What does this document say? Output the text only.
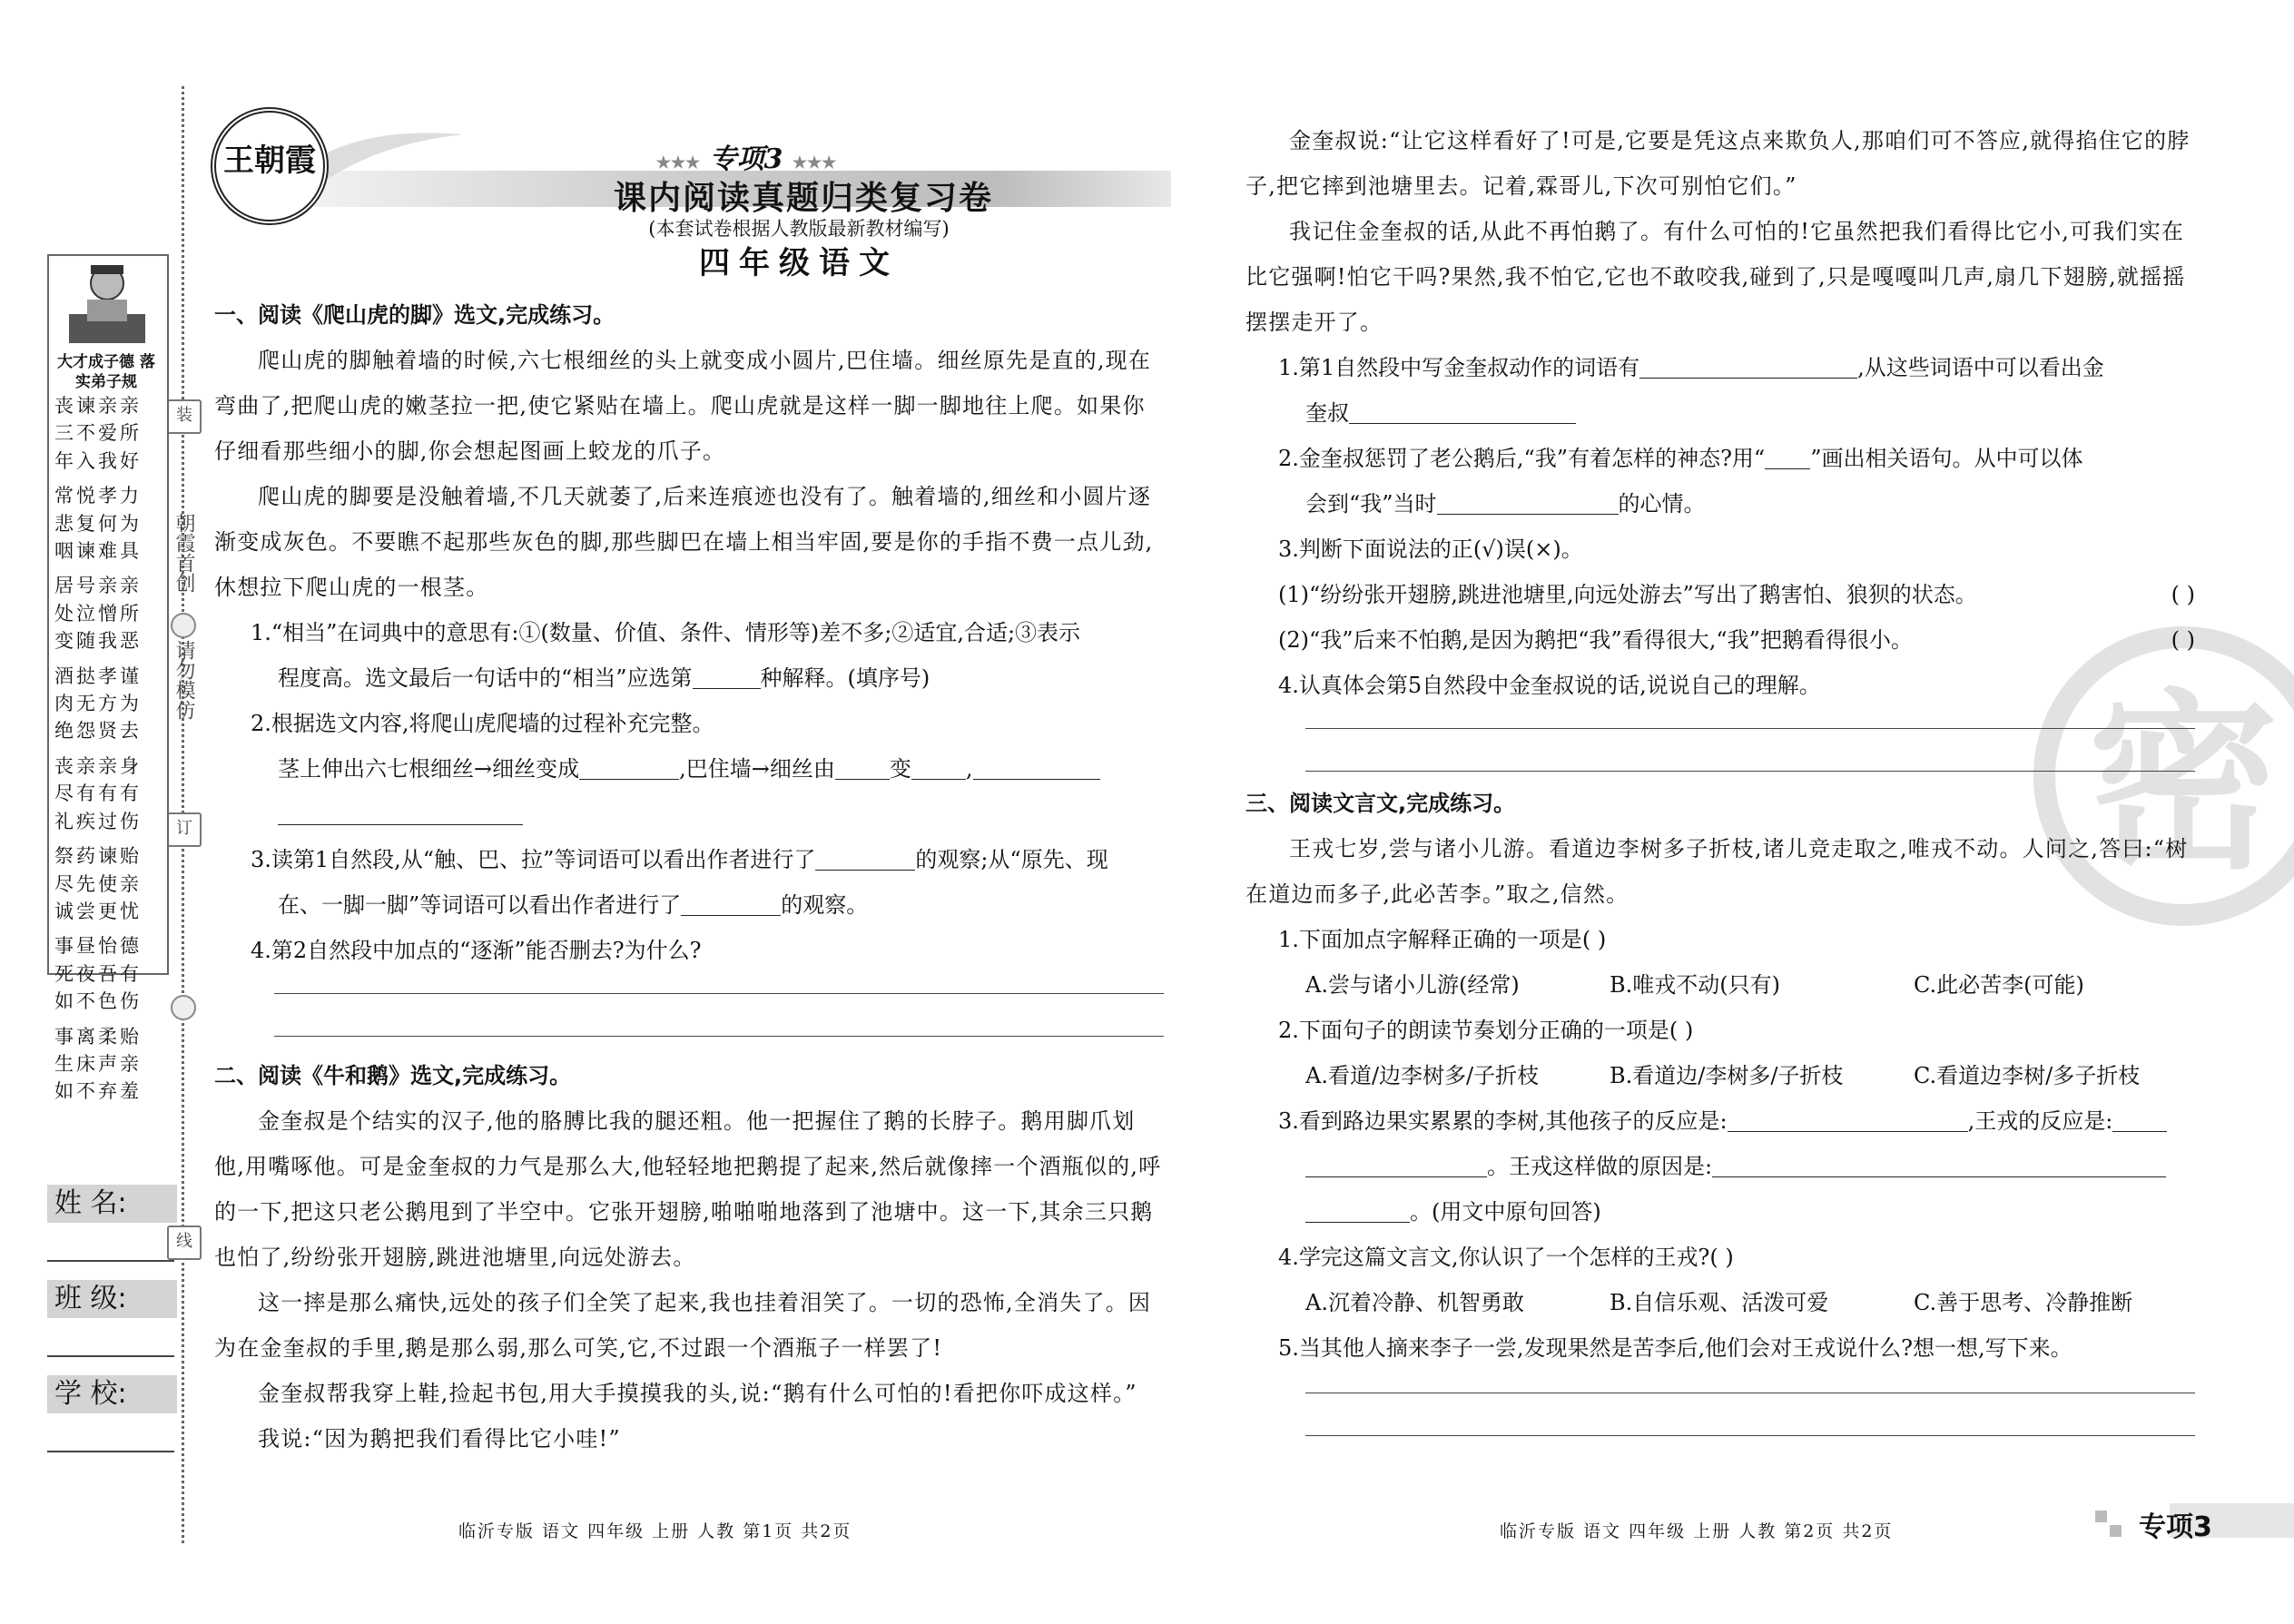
装
订
线
朝霞首创
请勿模仿
大才成子德 落实弟子规
丧谏亲亲
三不爱所
年入我好
常悦孝力
悲复何为
咽谏难具
居号亲亲
处泣憎所
变随我恶
酒挞孝谨
肉无方为
绝怨贤去
丧亲亲身
尽有有有
礼疾过伤
祭药谏贻
尽先使亲
诚尝更忧
事昼怡德
死夜吾有
如不色伤
事离柔贻
生床声亲
如不弃羞
姓 名:
班 级:
学 校:
王朝霞	★★★ 专项3 ★★★
课内阅读真题归类复习卷
(本套试卷根据人教版最新教材编写)
四年级语文
一、阅读《爬山虎的脚》选文,完成练习。

爬山虎的脚触着墙的时候,六七根细丝的头上就变成小圆片,巴住墙。细丝原先是直的,现在弯曲了,把爬山虎的嫩茎拉一把,使它紧贴在墙上。爬山虎就是这样一脚一脚地往上爬。如果你仔细看那些细小的脚,你会想起图画上蛟龙的爪子。

爬山虎的脚要是没触着墙,不几天就萎了,后来连痕迹也没有了。触着墙的,细丝和小圆片逐渐变成灰色。不要瞧不起那些灰色的脚,那些脚巴在墙上相当牢固,要是你的手指不费一点儿劲,休想拉下爬山虎的一根茎。

1.“相当”在词典中的意思有:①(数量、价值、条件、情形等)差不多;②适宜,合适;③表示
程度高。选文最后一句话中的“相当”应选第	种解释。(填序号)
2.根据选文内容,将爬山虎爬墙的过程补充完整。
茎上伸出六七根细丝→细丝变成	,巴住墙→细丝由	变	,
3.读第1自然段,从“触、巴、拉”等词语可以看出作者进行了	的观察;从“原先、现
在、一脚一脚”等词语可以看出作者进行了	的观察。
4.第2自然段中加点的“逐渐”能否删去?为什么?
二、阅读《牛和鹅》选文,完成练习。

金奎叔是个结实的汉子,他的胳膊比我的腿还粗。他一把握住了鹅的长脖子。鹅用脚爪划他,用嘴啄他。可是金奎叔的力气是那么大,他轻轻地把鹅提了起来,然后就像摔一个酒瓶似的,呼的一下,把这只老公鹅甩到了半空中。它张开翅膀,啪啪啪地落到了池塘中。这一下,其余三只鹅也怕了,纷纷张开翅膀,跳进池塘里,向远处游去。

这一摔是那么痛快,远处的孩子们全笑了起来,我也挂着泪笑了。一切的恐怖,全消失了。因为在金奎叔的手里,鹅是那么弱,那么可笑,它,不过跟一个酒瓶子一样罢了!

金奎叔帮我穿上鞋,捡起书包,用大手摸摸我的头,说:“鹅有什么可怕的!看把你吓成这样。”

我说:“因为鹅把我们看得比它小哇!”

密

金奎叔说:“让它这样看好了!可是,它要是凭这点来欺负人,那咱们可不答应,就得掐住它的脖子,把它摔到池塘里去。记着,霖哥儿,下次可别怕它们。”

我记住金奎叔的话,从此不再怕鹅了。有什么可怕的!它虽然把我们看得比它小,可我们实在比它强啊!怕它干吗?果然,我不怕它,它也不敢咬我,碰到了,只是嘎嘎叫几声,扇几下翅膀,就摇摇摆摆走开了。

1.第1自然段中写金奎叔动作的词语有	,从这些词语中可以看出金
奎叔
2.金奎叔惩罚了老公鹅后,“我”有着怎样的神态?用“ ”画出相关语句。从中可以体
会到“我”当时	的心情。
3.判断下面说法的正(√)误(×)。
(1)“纷纷张开翅膀,跳进池塘里,向远处游去”写出了鹅害怕、狼狈的状态。	( )
(2)“我”后来不怕鹅,是因为鹅把“我”看得很大,“我”把鹅看得很小。	( )
4.认真体会第5自然段中金奎叔说的话,说说自己的理解。
三、阅读文言文,完成练习。

王戎七岁,尝与诸小儿游。看道边李树多子折枝,诸儿竞走取之,唯戎不动。人问之,答曰:“树在道边而多子,此必苦李。”取之,信然。

1.下面加点字解释正确的一项是( )
A.尝与诸小儿游(经常)	B.唯戎不动(只有)	C.此必苦李(可能)
2.下面句子的朗读节奏划分正确的一项是( )
A.看道/边李树多/子折枝	B.看道边/李树多/子折枝	C.看道边李树/多子折枝
3.看到路边果实累累的李树,其他孩子的反应是:	,王戎的反应是:
。王戎这样做的原因是:
。(用文中原句回答)
4.学完这篇文言文,你认识了一个怎样的王戎?( )
A.沉着冷静、机智勇敢	B.自信乐观、活泼可爱	C.善于思考、冷静推断
5.当其他人摘来李子一尝,发现果然是苦李后,他们会对王戎说什么?想一想,写下来。
临沂专版 语文 四年级 上册 人教 第1页 共2页	临沂专版 语文 四年级 上册 人教 第2页 共2页	专项3
